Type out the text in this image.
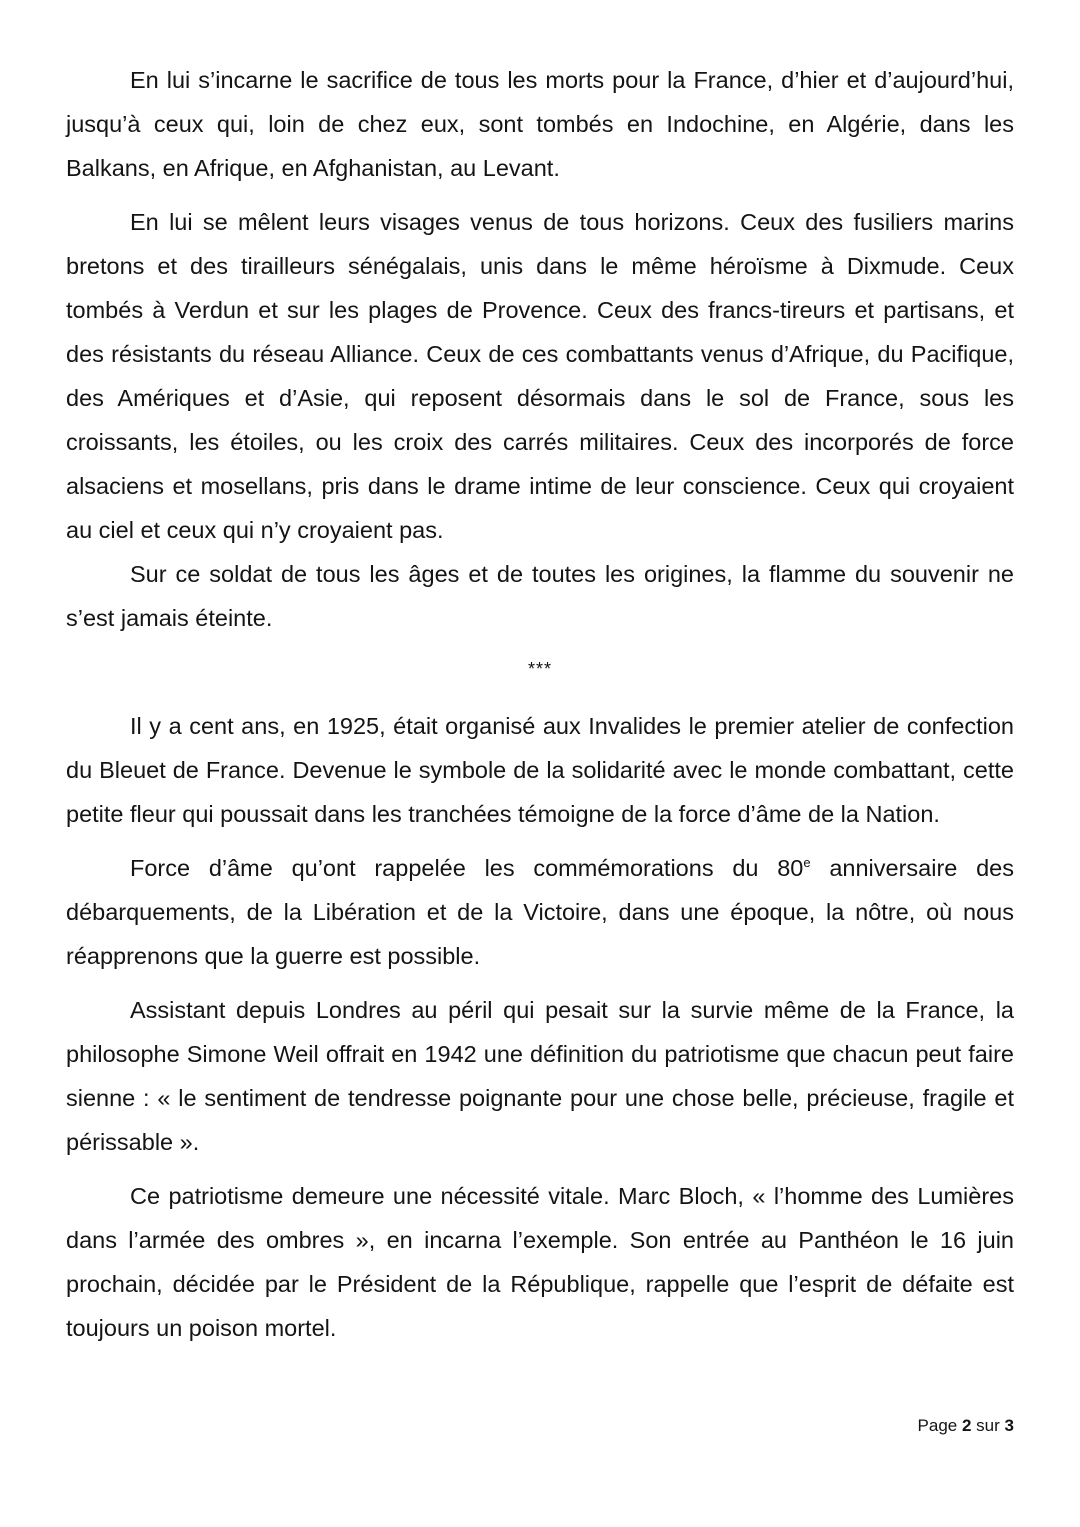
En lui s’incarne le sacrifice de tous les morts pour la France, d’hier et d’aujourd’hui, jusqu’à ceux qui, loin de chez eux, sont tombés en Indochine, en Algérie, dans les Balkans, en Afrique, en Afghanistan, au Levant.

En lui se mêlent leurs visages venus de tous horizons. Ceux des fusiliers marins bretons et des tirailleurs sénégalais, unis dans le même héroïsme à Dixmude. Ceux tombés à Verdun et sur les plages de Provence. Ceux des francs-tireurs et partisans, et des résistants du réseau Alliance. Ceux de ces combattants venus d’Afrique, du Pacifique, des Amériques et d’Asie, qui reposent désormais dans le sol de France, sous les croissants, les étoiles, ou les croix des carrés militaires. Ceux des incorporés de force alsaciens et mosellans, pris dans le drame intime de leur conscience. Ceux qui croyaient au ciel et ceux qui n’y croyaient pas.

Sur ce soldat de tous les âges et de toutes les origines, la flamme du souvenir ne s’est jamais éteinte.

***

Il y a cent ans, en 1925, était organisé aux Invalides le premier atelier de confection du Bleuet de France. Devenue le symbole de la solidarité avec le monde combattant, cette petite fleur qui poussait dans les tranchées témoigne de la force d’âme de la Nation.

Force d’âme qu’ont rappelée les commémorations du 80e anniversaire des débarquements, de la Libération et de la Victoire, dans une époque, la nôtre, où nous réapprenons que la guerre est possible.

Assistant depuis Londres au péril qui pesait sur la survie même de la France, la philosophe Simone Weil offrait en 1942 une définition du patriotisme que chacun peut faire sienne : « le sentiment de tendresse poignante pour une chose belle, précieuse, fragile et périssable ».

Ce patriotisme demeure une nécessité vitale. Marc Bloch, « l’homme des Lumières dans l’armée des ombres », en incarna l’exemple. Son entrée au Panthéon le 16 juin prochain, décidée par le Président de la République, rappelle que l’esprit de défaite est toujours un poison mortel.

Page 2 sur 3
